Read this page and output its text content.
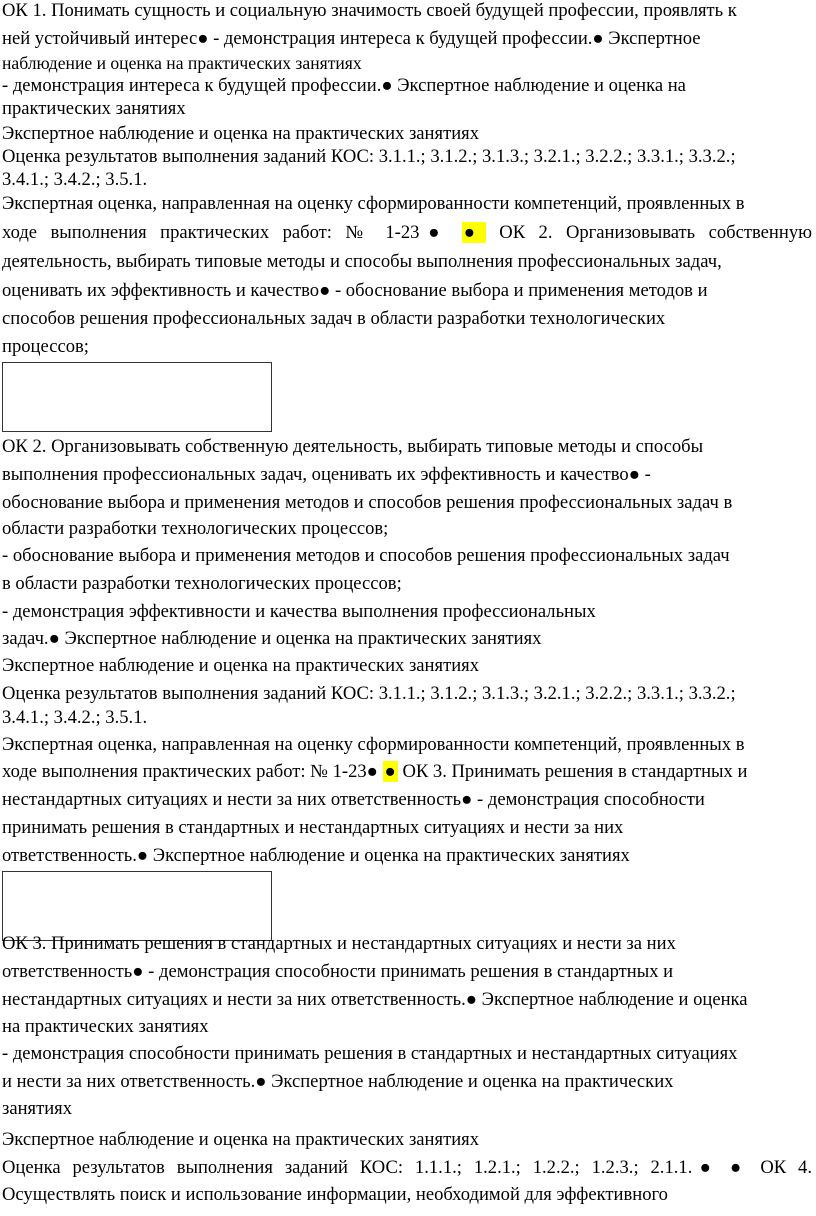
ОК 1. Понимать сущность и социальную значимость своей будущей профессии, проявлять к
ней устойчивый интерес● - демонстрация интереса к будущей профессии.● Экспертное
наблюдение и оценка на практических занятиях
- демонстрация интереса к будущей профессии.● Экспертное наблюдение и оценка на
практических занятиях
Экспертное наблюдение и оценка на практических занятиях
Оценка результатов выполнения заданий КОС: 3.1.1.; 3.1.2.; 3.1.3.; 3.2.1.; 3.2.2.; 3.3.1.; 3.3.2.;
3.4.1.; 3.4.2.; 3.5.1.
Экспертная оценка, направленная на оценку сформированности компетенций, проявленных в
ходе выполнения практических работ: № 1-23● ● ОК 2. Организовывать собственную
деятельность, выбирать типовые методы и способы выполнения профессиональных задач,
оценивать их эффективность и качество● - обоснование выбора и применения методов и
способов решения профессиональных задач в области разработки технологических
процессов;
ОК 2. Организовывать собственную деятельность, выбирать типовые методы и способы
выполнения профессиональных задач, оценивать их эффективность и качество● -
обоснование выбора и применения методов и способов решения профессиональных задач в
области разработки технологических процессов;
- обоснование выбора и применения методов и способов решения профессиональных задач
в области разработки технологических процессов;
- демонстрация эффективности и качества выполнения профессиональных
задач.● Экспертное наблюдение и оценка на практических занятиях
Экспертное наблюдение и оценка на практических занятиях
Оценка результатов выполнения заданий КОС: 3.1.1.; 3.1.2.; 3.1.3.; 3.2.1.; 3.2.2.; 3.3.1.; 3.3.2.;
3.4.1.; 3.4.2.; 3.5.1.
Экспертная оценка, направленная на оценку сформированности компетенций, проявленных в
ходе выполнения практических работ: № 1-23● ● ОК 3. Принимать решения в стандартных и
нестандартных ситуациях и нести за них ответственность● - демонстрация способности
принимать решения в стандартных и нестандартных ситуациях и нести за них
ответственность.● Экспертное наблюдение и оценка на практических занятиях
ОК 3. Принимать решения в стандартных и нестандартных ситуациях и нести за них
ответственность● - демонстрация способности принимать решения в стандартных и
нестандартных ситуациях и нести за них ответственность.● Экспертное наблюдение и оценка
на практических занятиях
- демонстрация способности принимать решения в стандартных и нестандартных ситуациях
и нести за них ответственность.● Экспертное наблюдение и оценка на практических
занятиях
Экспертное наблюдение и оценка на практических занятиях
Оценка результатов выполнения заданий КОС: 1.1.1.; 1.2.1.; 1.2.2.; 1.2.3.; 2.1.1.● ● ОК 4.
Осуществлять поиск и использование информации, необходимой для эффективного
